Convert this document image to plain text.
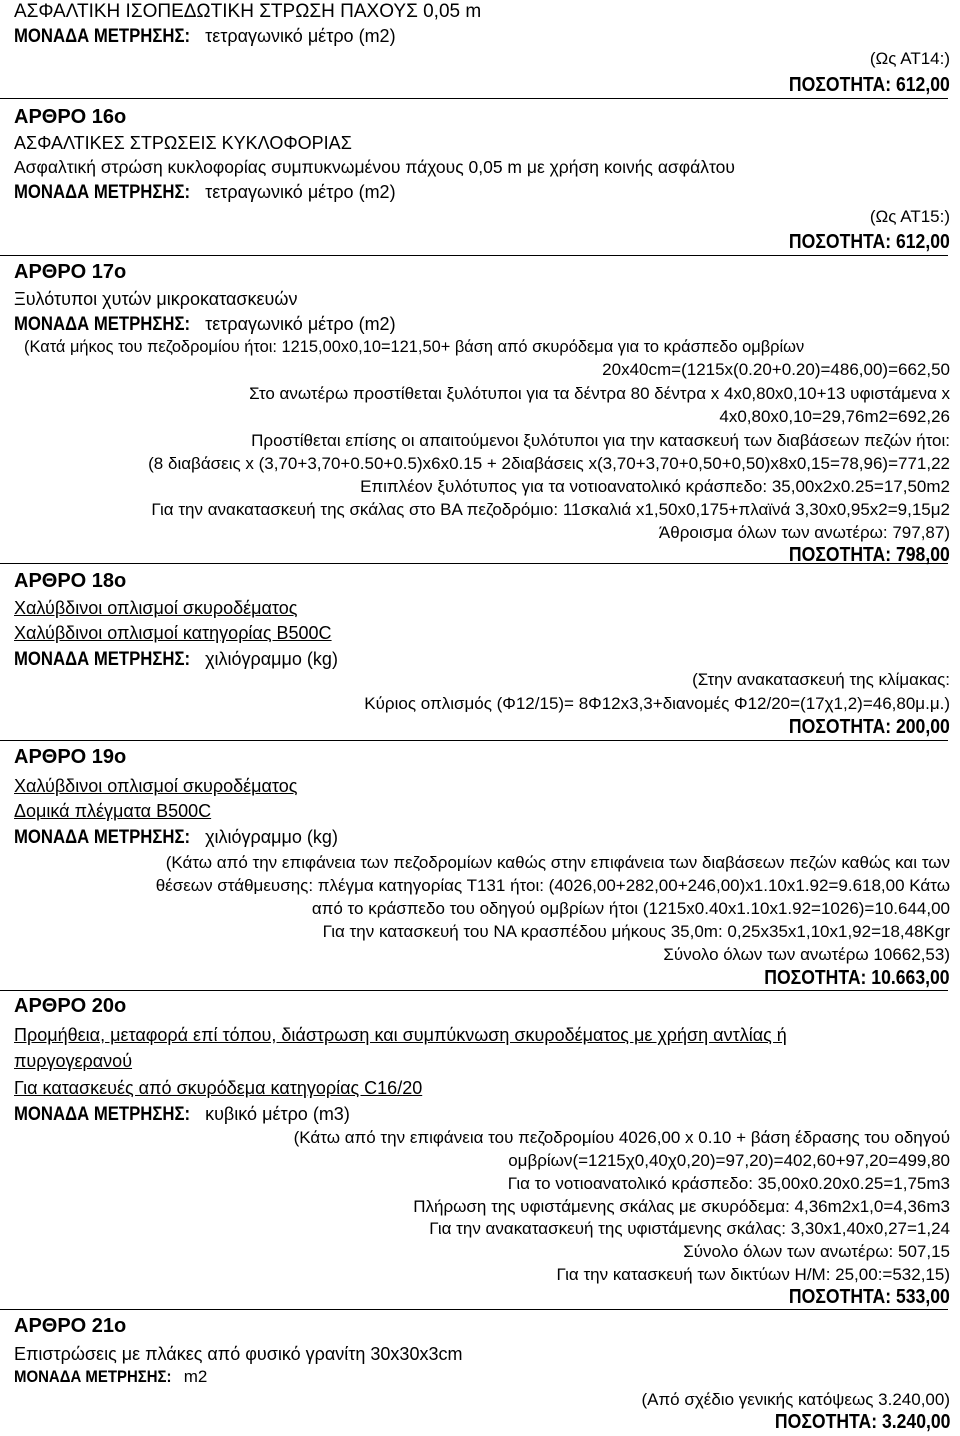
ΑΣΦΑΛΤΙΚΗ ΙΣΟΠΕΔΩΤΙΚΗ ΣΤΡΩΣΗ ΠΑΧΟΥΣ 0,05 m
ΜΟΝΑΔΑ ΜΕΤΡΗΣΗΣ: τετραγωνικό μέτρο (m2)
(Ως ΑΤ14:)
ΠΟΣΟΤΗΤΑ: 612,00
ΑΡΘΡΟ 16ο
ΑΣΦΑΛΤΙΚΕΣ ΣΤΡΩΣΕΙΣ ΚΥΚΛΟΦΟΡΙΑΣ
Ασφαλτική στρώση κυκλοφορίας συμπυκνωμένου πάχους 0,05 m με χρήση κοινής ασφάλτου
ΜΟΝΑΔΑ ΜΕΤΡΗΣΗΣ: τετραγωνικό μέτρο (m2)
(Ως ΑΤ15:)
ΠΟΣΟΤΗΤΑ: 612,00
ΑΡΘΡΟ 17ο
Ξυλότυποι χυτών μικροκατασκευών
ΜΟΝΑΔΑ ΜΕΤΡΗΣΗΣ: τετραγωνικό μέτρο (m2)
(Κατά μήκος του πεζοδρομίου ήτοι: 1215,00x0,10=121,50+ βάση από σκυρόδεμα για το κράσπεδο ομβρίων
20x40cm=(1215x(0.20+0.20)=486,00)=662,50
Στο ανωτέρω προστίθεται ξυλότυποι για τα δέντρα 80 δέντρα x 4x0,80x0,10+13 υφιστάμενα x
4x0,80x0,10=29,76m2=692,26
Προστίθεται επίσης οι απαιτούμενοι ξυλότυποι για την κατασκευή των διαβάσεων πεζών ήτοι:
(8 διαβάσεις x (3,70+3,70+0.50+0.5)x6x0.15 + 2διαβάσεις x(3,70+3,70+0,50+0,50)x8x0,15=78,96)=771,22
Επιπλέον ξυλότυπος για τα νοτιοανατολικό κράσπεδο: 35,00x2x0.25=17,50m2
Για την ανακατασκευή της σκάλας στο ΒΑ πεζοδρόμιο: 11σκαλιά x1,50x0,175+πλαϊνά 3,30x0,95x2=9,15μ2
Άθροισμα όλων των ανωτέρω: 797,87)
ΠΟΣΟΤΗΤΑ: 798,00
ΑΡΘΡΟ 18ο
Χαλύβδινοι οπλισμοί σκυροδέματος
Χαλύβδινοι οπλισμοί κατηγορίας B500C
ΜΟΝΑΔΑ ΜΕΤΡΗΣΗΣ: χιλιόγραμμο (kg)
(Στην ανακατασκευή της κλίμακας:
Κύριος οπλισμός (Φ12/15)= 8Φ12x3,3+διανομές Φ12/20=(17χ1,2)=46,80μ.μ.)
ΠΟΣΟΤΗΤΑ: 200,00
ΑΡΘΡΟ 19ο
Χαλύβδινοι οπλισμοί σκυροδέματος
Δομικά πλέγματα B500C
ΜΟΝΑΔΑ ΜΕΤΡΗΣΗΣ: χιλιόγραμμο (kg)
(Κάτω από την επιφάνεια των πεζοδρομίων καθώς στην επιφάνεια των διαβάσεων πεζών καθώς και των
θέσεων στάθμευσης: πλέγμα κατηγορίας Τ131 ήτοι: (4026,00+282,00+246,00)x1.10x1.92=9.618,00 Κάτω
από το κράσπεδο του οδηγού ομβρίων ήτοι (1215x0.40x1.10x1.92=1026)=10.644,00
Για την κατασκευή του ΝΑ κρασπέδου μήκους 35,0m: 0,25x35x1,10x1,92=18,48Kgr
Σύνολο όλων των ανωτέρω 10662,53)
ΠΟΣΟΤΗΤΑ: 10.663,00
ΑΡΘΡΟ 20ο
Προμήθεια, μεταφορά επί τόπου, διάστρωση και συμπύκνωση σκυροδέματος με χρήση αντλίας ή
πυργογερανού
Για κατασκευές από σκυρόδεμα κατηγορίας C16/20
ΜΟΝΑΔΑ ΜΕΤΡΗΣΗΣ: κυβικό μέτρο (m3)
(Κάτω από την επιφάνεια του πεζοδρομίου 4026,00 x 0.10 + βάση έδρασης του οδηγού
ομβρίων(=1215χ0,40χ0,20)=97,20)=402,60+97,20=499,80
Για το νοτιοανατολικό κράσπεδο: 35,00x0.20x0.25=1,75m3
Πλήρωση της υφιστάμενης σκάλας με σκυρόδεμα: 4,36m2x1,0=4,36m3
Για την ανακατασκευή της υφιστάμενης σκάλας: 3,30x1,40x0,27=1,24
Σύνολο όλων των ανωτέρω: 507,15
Για την κατασκευή των δικτύων Η/Μ: 25,00:=532,15)
ΠΟΣΟΤΗΤΑ: 533,00
ΑΡΘΡΟ 21ο
Επιστρώσεις με πλάκες από φυσικό γρανίτη 30x30x3cm
ΜΟΝΑΔΑ ΜΕΤΡΗΣΗΣ: m2
(Από σχέδιο γενικής κατόψεως 3.240,00)
ΠΟΣΟΤΗΤΑ: 3.240,00
